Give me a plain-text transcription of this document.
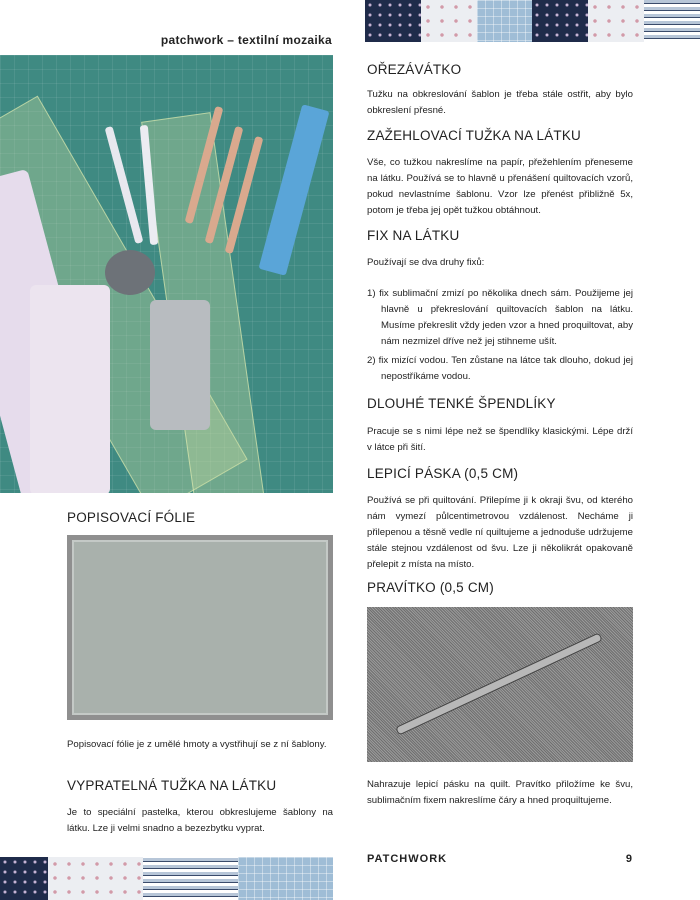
patchwork – textilní mozaika
POPISOVACÍ FÓLIE

Popisovací fólie je z umělé hmoty a vystřihují se z ní šablony.

VYPRATELNÁ TUŽKA NA LÁTKU

Je to speciální pastelka, kterou obkreslujeme šablony na látku. Lze ji velmi snadno a bezezbytku vyprat.

OŘEZÁVÁTKO

Tužku na obkreslování šablon je třeba stále ostřit, aby bylo obkreslení přesné.

ZAŽEHLOVACÍ TUŽKA NA LÁTKU

Vše, co tužkou nakreslíme na papír, přežehlením přeneseme na látku. Používá se to hlavně u přenášení quiltovacích vzorů, pokud nevlastníme šablonu. Vzor lze přenést přibližně 5x, potom je třeba jej opět tužkou obtáhnout.

FIX NA LÁTKU

Používají se dva druhy fixů:

1) fix sublimační zmizí po několika dnech sám. Použijeme jej hlavně u překreslování quiltovacích šablon na látku. Musíme překreslit vždy jeden vzor a hned proquiltovat, aby nám nezmizel dříve než jej stihneme ušít.

2) fix mizící vodou. Ten zůstane na látce tak dlouho, dokud jej nepostříkáme vodou.

DLOUHÉ TENKÉ ŠPENDLÍKY

Pracuje se s nimi lépe než se špendlíky klasickými. Lépe drží v látce při šití.

LEPICÍ PÁSKA (0,5 CM)

Používá se při quiltování. Přilepíme ji k okraji švu, od kterého nám vymezí půlcentimetrovou vzdálenost. Necháme ji přilepenou a těsně vedle ní quiltujeme a jednoduše udržujeme stále stejnou vzdálenost od švu. Lze ji několikrát opakovaně přelepit z místa na místo.

PRAVÍTKO (0,5 CM)

Nahrazuje lepicí pásku na quilt. Pravítko přiložíme ke švu, sublimačním fixem nakreslíme čáry a hned proquiltujeme.

PATCHWORK	9
